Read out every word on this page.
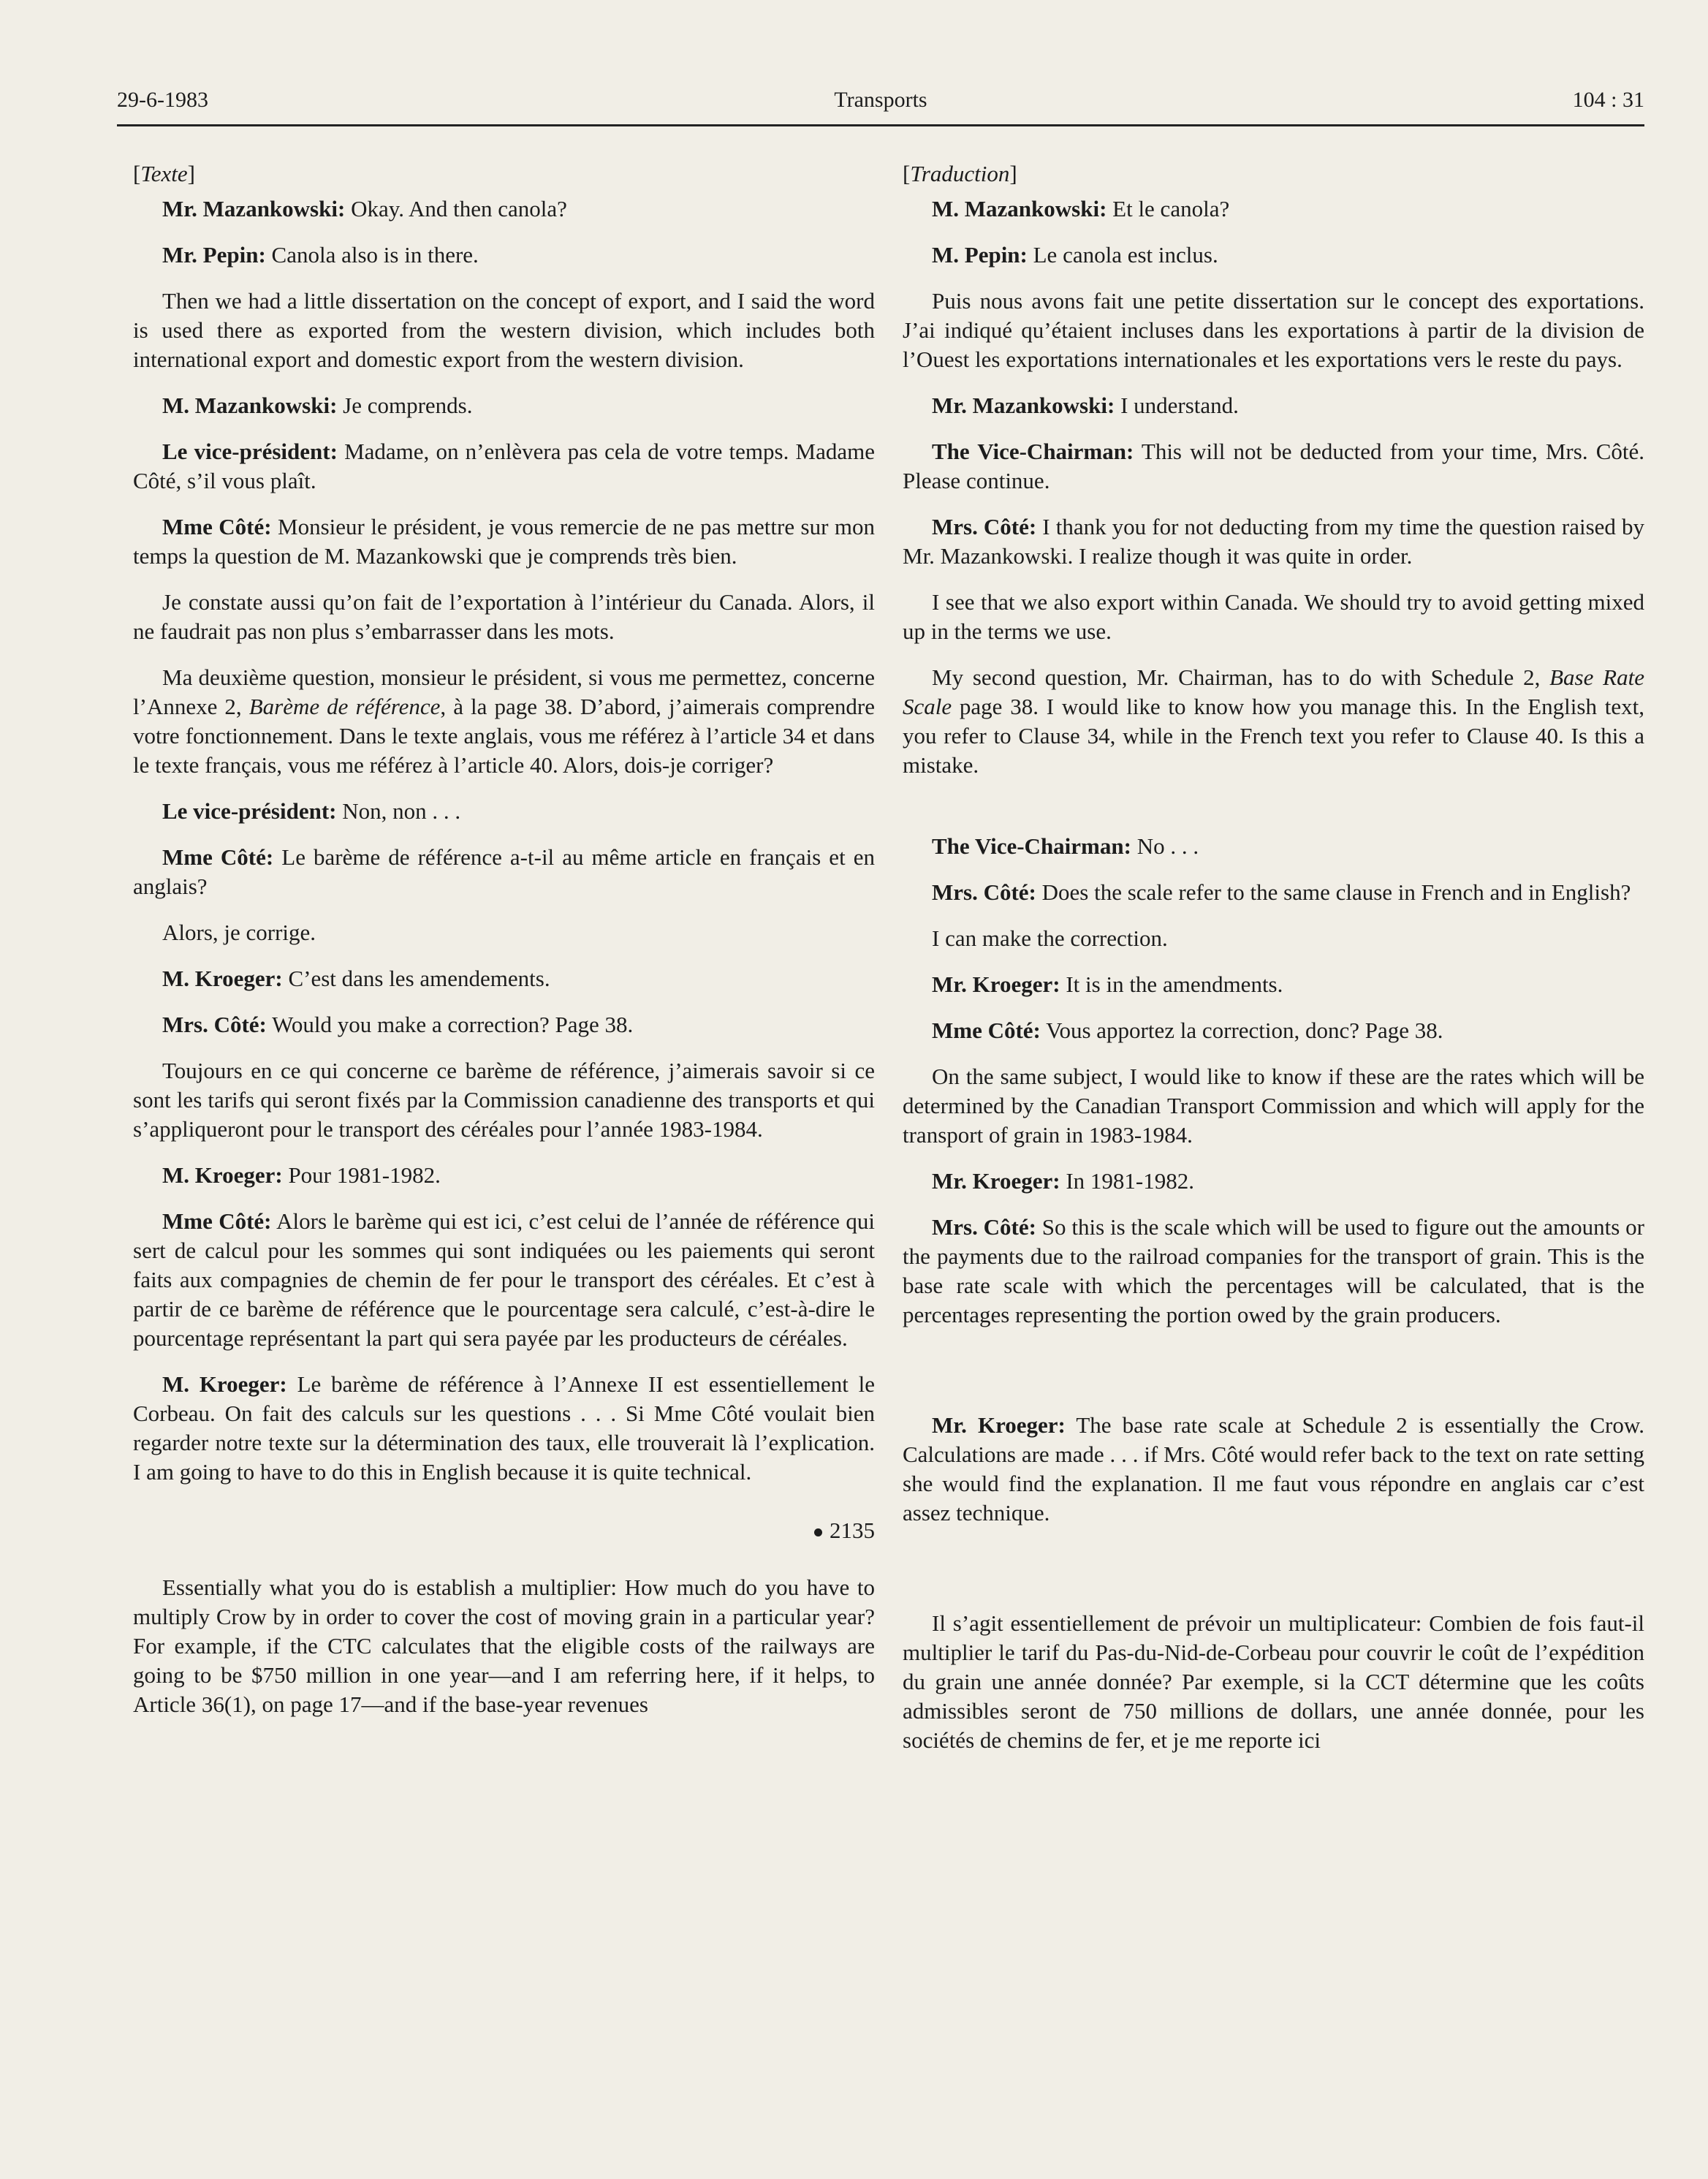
29-6-1983	Transports	104 : 31

[Texte]

Mr. Mazankowski: Okay. And then canola?

Mr. Pepin: Canola also is in there.

Then we had a little dissertation on the concept of export, and I said the word is used there as exported from the western division, which includes both international export and domestic export from the western division.

M. Mazankowski: Je comprends.

Le vice-président: Madame, on n’enlèvera pas cela de votre temps. Madame Côté, s’il vous plaît.

Mme Côté: Monsieur le président, je vous remercie de ne pas mettre sur mon temps la question de M. Mazankowski que je comprends très bien.

Je constate aussi qu’on fait de l’exportation à l’intérieur du Canada. Alors, il ne faudrait pas non plus s’embarrasser dans les mots.

Ma deuxième question, monsieur le président, si vous me permettez, concerne l’Annexe 2, Barème de référence, à la page 38. D’abord, j’aimerais comprendre votre fonctionnement. Dans le texte anglais, vous me référez à l’article 34 et dans le texte français, vous me référez à l’article 40. Alors, dois-je corriger?

Le vice-président: Non, non . . .

Mme Côté: Le barème de référence a-t-il au même article en français et en anglais?

Alors, je corrige.

M. Kroeger: C’est dans les amendements.

Mrs. Côté: Would you make a correction? Page 38.

Toujours en ce qui concerne ce barème de référence, j’aimerais savoir si ce sont les tarifs qui seront fixés par la Commission canadienne des transports et qui s’appliqueront pour le transport des céréales pour l’année 1983-1984.

M. Kroeger: Pour 1981-1982.

Mme Côté: Alors le barème qui est ici, c’est celui de l’année de référence qui sert de calcul pour les sommes qui sont indiquées ou les paiements qui seront faits aux compagnies de chemin de fer pour le transport des céréales. Et c’est à partir de ce barème de référence que le pourcentage sera calculé, c’est-à-dire le pourcentage représentant la part qui sera payée par les producteurs de céréales.

M. Kroeger: Le barème de référence à l’Annexe II est essentiellement le Corbeau. On fait des calculs sur les questions . . . Si Mme Côté voulait bien regarder notre texte sur la détermination des taux, elle trouverait là l’explication. I am going to have to do this in English because it is quite technical.

2135

Essentially what you do is establish a multiplier: How much do you have to multiply Crow by in order to cover the cost of moving grain in a particular year? For example, if the CTC calculates that the eligible costs of the railways are going to be $750 million in one year—and I am referring here, if it helps, to Article 36(1), on page 17—and if the base-year revenues

[Traduction]

M. Mazankowski: Et le canola?

M. Pepin: Le canola est inclus.

Puis nous avons fait une petite dissertation sur le concept des exportations. J’ai indiqué qu’étaient incluses dans les exportations à partir de la division de l’Ouest les exportations internationales et les exportations vers le reste du pays.

Mr. Mazankowski: I understand.

The Vice-Chairman: This will not be deducted from your time, Mrs. Côté. Please continue.

Mrs. Côté: I thank you for not deducting from my time the question raised by Mr. Mazankowski. I realize though it was quite in order.

I see that we also export within Canada. We should try to avoid getting mixed up in the terms we use.

My second question, Mr. Chairman, has to do with Schedule 2, Base Rate Scale page 38. I would like to know how you manage this. In the English text, you refer to Clause 34, while in the French text you refer to Clause 40. Is this a mistake.

The Vice-Chairman: No . . .

Mrs. Côté: Does the scale refer to the same clause in French and in English?

I can make the correction.

Mr. Kroeger: It is in the amendments.

Mme Côté: Vous apportez la correction, donc? Page 38.

On the same subject, I would like to know if these are the rates which will be determined by the Canadian Transport Commission and which will apply for the transport of grain in 1983-1984.

Mr. Kroeger: In 1981-1982.

Mrs. Côté: So this is the scale which will be used to figure out the amounts or the payments due to the railroad companies for the transport of grain. This is the base rate scale with which the percentages will be calculated, that is the percentages representing the portion owed by the grain producers.

Mr. Kroeger: The base rate scale at Schedule 2 is essentially the Crow. Calculations are made . . . if Mrs. Côté would refer back to the text on rate setting she would find the explanation. Il me faut vous répondre en anglais car c’est assez technique.

Il s’agit essentiellement de prévoir un multiplicateur: Combien de fois faut-il multiplier le tarif du Pas-du-Nid-de-Corbeau pour couvrir le coût de l’expédition du grain une année donnée? Par exemple, si la CCT détermine que les coûts admissibles seront de 750 millions de dollars, une année donnée, pour les sociétés de chemins de fer, et je me reporte ici
